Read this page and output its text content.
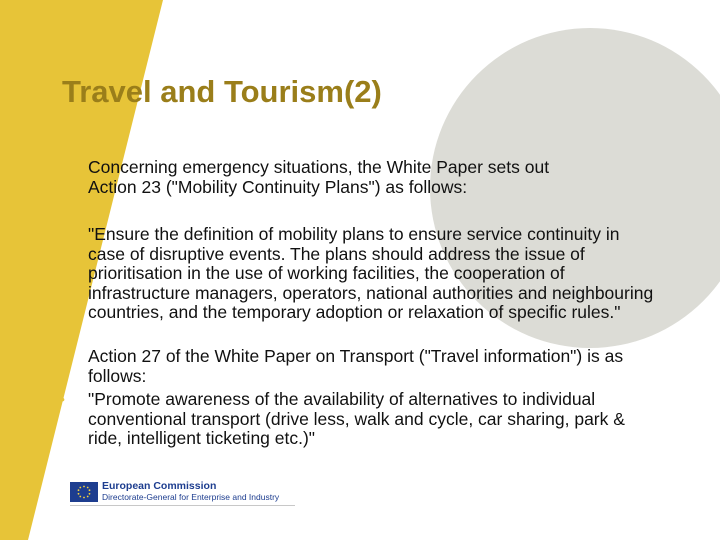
Travel and Tourism(2)
• Concerning emergency situations, the White Paper sets out
Action 23 ("Mobility Continuity Plans") as follows:
• "Ensure the definition of mobility plans to ensure service continuity in case of disruptive events. The plans should address the issue of prioritisation in the use of working facilities, the cooperation of infrastructure managers, operators, national authorities and neighbouring countries, and the temporary adoption or relaxation of specific rules."
• Action 27 of the White Paper on Transport ("Travel information") is as follows:
• "Promote awareness of the availability of alternatives to individual conventional transport (drive less, walk and cycle, car sharing, park & ride, intelligent ticketing etc.)"
European Commission
Directorate-General for Enterprise and Industry
